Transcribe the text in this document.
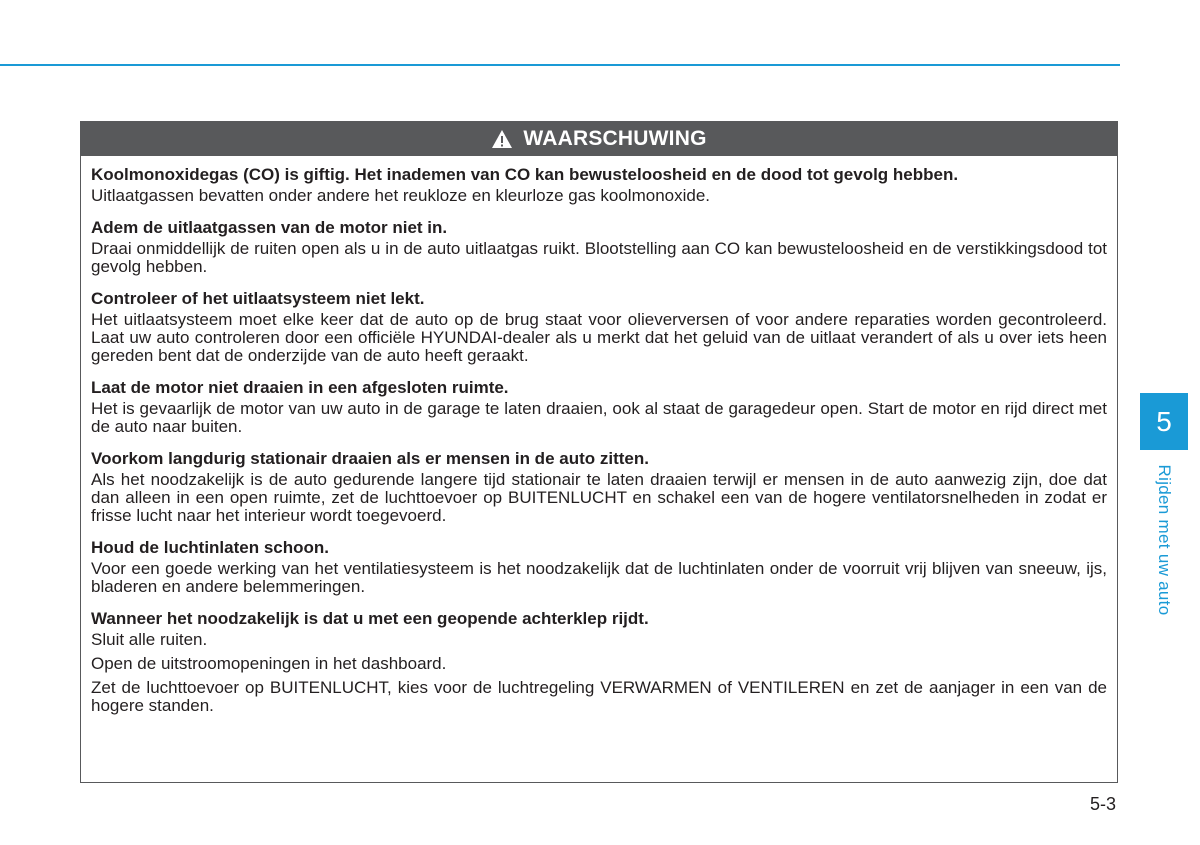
WAARSCHUWING

Koolmonoxidegas (CO) is giftig. Het inademen van CO kan bewusteloosheid en de dood tot gevolg hebben.

Uitlaatgassen bevatten onder andere het reukloze en kleurloze gas koolmonoxide.

Adem de uitlaatgassen van de motor niet in.

Draai onmiddellijk de ruiten open als u in de auto uitlaatgas ruikt. Blootstelling aan CO kan bewusteloosheid en de verstikkingsdood tot gevolg hebben.

Controleer of het uitlaatsysteem niet lekt.

Het uitlaatsysteem moet elke keer dat de auto op de brug staat voor olieverversen of voor andere reparaties worden gecontroleerd. Laat uw auto controleren door een officiële HYUNDAI-dealer als u merkt dat het geluid van de uitlaat verandert of als u over iets heen gereden bent dat de onderzijde van de auto heeft geraakt.

Laat de motor niet draaien in een afgesloten ruimte.

Het is gevaarlijk de motor van uw auto in de garage te laten draaien, ook al staat de garagedeur open. Start de motor en rijd direct met de auto naar buiten.

Voorkom langdurig stationair draaien als er mensen in de auto zitten.

Als het noodzakelijk is de auto gedurende langere tijd stationair te laten draaien terwijl er mensen in de auto aanwezig zijn, doe dat dan alleen in een open ruimte, zet de luchttoevoer op BUITENLUCHT en schakel een van de hogere ventilatorsnelheden in zodat er frisse lucht naar het interieur wordt toegevoerd.

Houd de luchtinlaten schoon.

Voor een goede werking van het ventilatiesysteem is het noodzakelijk dat de luchtinlaten onder de voorruit vrij blijven van sneeuw, ijs, bladeren en andere belemmeringen.

Wanneer het noodzakelijk is dat u met een geopende achterklep rijdt.

Sluit alle ruiten.

Open de uitstroomopeningen in het dashboard.

Zet de luchttoevoer op BUITENLUCHT, kies voor de luchtregeling VERWARMEN of VENTILEREN en zet de aanjager in een van de hogere standen.

5
Rijden met uw auto
5-3
